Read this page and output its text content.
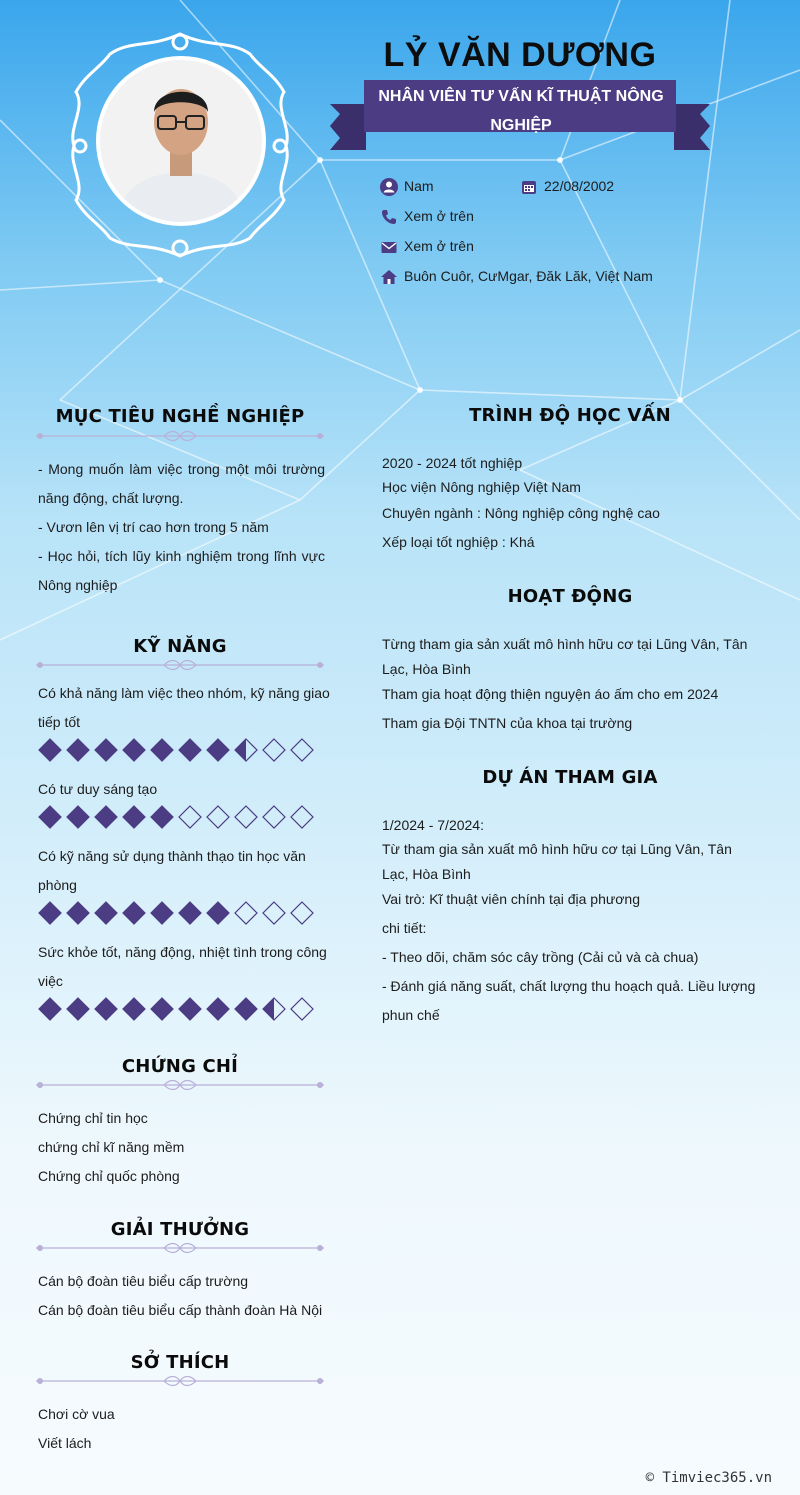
LỶ VĂN DƯƠNG
NHÂN VIÊN TƯ VẤN KĨ THUẬT NÔNG NGHIỆP
Nam	22/08/2002
Xem ở trên
Xem ở trên
Buôn Cuôr, CưMgar, Đăk Lăk, Việt Nam
MỤC TIÊU NGHỀ NGHIỆP
- Mong muốn làm việc trong một môi trường năng động, chất lượng.
- Vươn lên vị trí cao hơn trong 5 năm
- Học hỏi, tích lũy kinh nghiệm trong lĩnh vực Nông nghiệp
KỸ NĂNG
Có khả năng làm việc theo nhóm, kỹ năng giao tiếp tốt
Có tư duy sáng tạo
Có kỹ năng sử dụng thành thạo tin học văn phòng
Sức khỏe tốt, năng động, nhiệt tình trong công việc
CHỨNG CHỈ
Chứng chỉ tin học
chứng chỉ kĩ năng mềm
Chứng chỉ quốc phòng
GIẢI THƯỞNG
Cán bộ đoàn tiêu biểu cấp trường
Cán bộ đoàn tiêu biểu cấp thành đoàn Hà Nội
SỞ THÍCH
Chơi cờ vua
Viết lách
TRÌNH ĐỘ HỌC VẤN
2020 - 2024 tốt nghiệp
Học viện Nông nghiệp Việt Nam
Chuyên ngành : Nông nghiệp công nghệ cao
Xếp loại tốt nghiệp : Khá
HOẠT ĐỘNG
Từng tham gia sản xuất mô hình hữu cơ tại Lũng Vân, Tân Lạc, Hòa Bình
Tham gia hoạt động thiện nguyện áo ấm cho em 2024
Tham gia Đội TNTN của khoa tại trường
DỰ ÁN THAM GIA
1/2024 - 7/2024:
Từ tham gia sản xuất mô hình hữu cơ tại Lũng Vân, Tân Lạc, Hòa Bình
Vai trò: Kĩ thuật viên chính tại địa phương
chi tiết:
- Theo dõi, chăm sóc cây trồng (Cải củ và cà chua)
- Đánh giá năng suất, chất lượng thu hoạch quả. Liều lượng phun chế
© Timviec365.vn
